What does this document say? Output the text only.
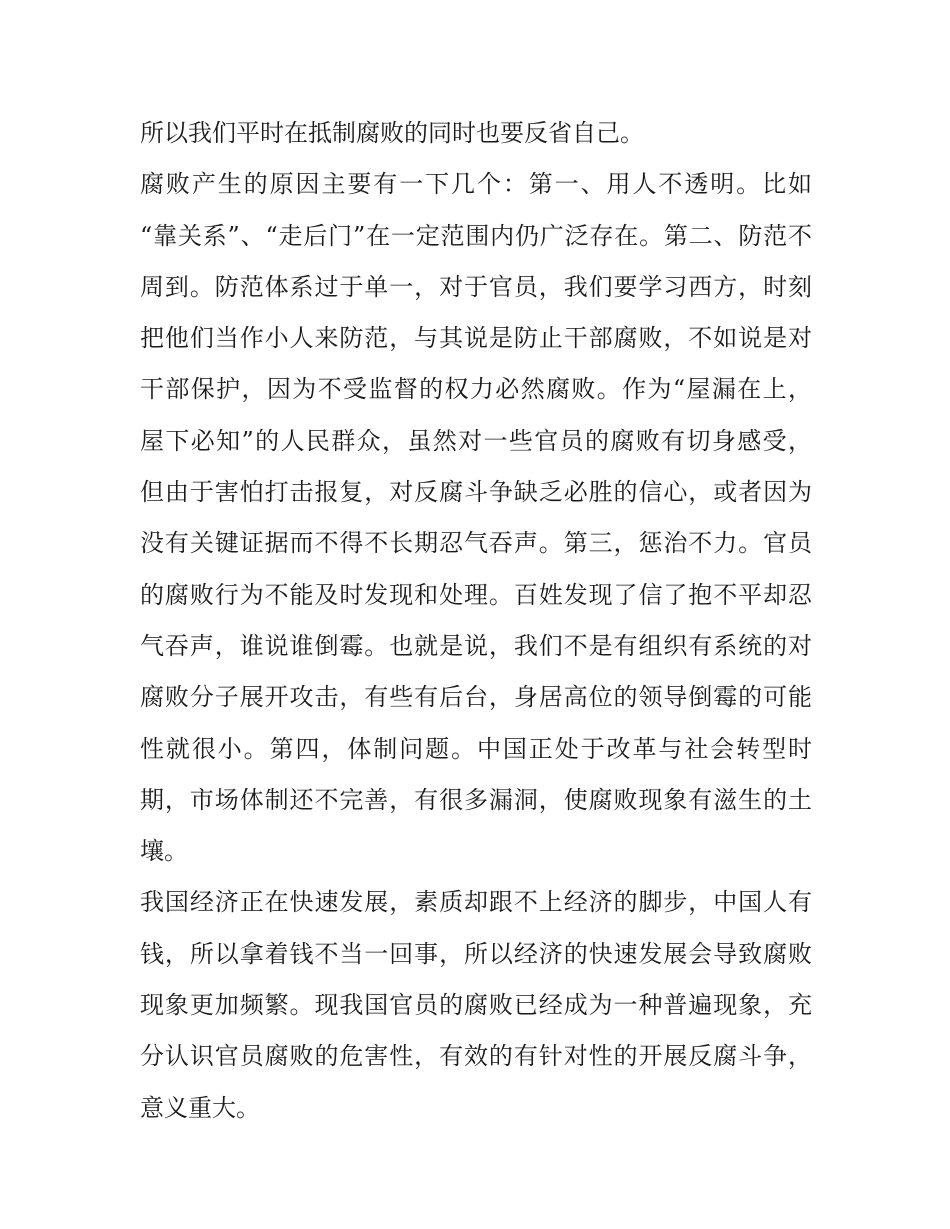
所以我们平时在抵制腐败的同时也要反省自己。
腐败产生的原因主要有一下几个：第一、用人不透明。比如
“靠关系”、“走后门”在一定范围内仍广泛存在。第二、防范不
周到。防范体系过于单一，对于官员，我们要学习西方，时刻
把他们当作小人来防范，与其说是防止干部腐败，不如说是对
干部保护，因为不受监督的权力必然腐败。作为“屋漏在上，
屋下必知”的人民群众，虽然对一些官员的腐败有切身感受，
但由于害怕打击报复，对反腐斗争缺乏必胜的信心，或者因为
没有关键证据而不得不长期忍气吞声。第三，惩治不力。官员
的腐败行为不能及时发现和处理。百姓发现了信了抱不平却忍
气吞声，谁说谁倒霉。也就是说，我们不是有组织有系统的对
腐败分子展开攻击，有些有后台，身居高位的领导倒霉的可能
性就很小。第四，体制问题。中国正处于改革与社会转型时
期，市场体制还不完善，有很多漏洞，使腐败现象有滋生的土
壤。
我国经济正在快速发展，素质却跟不上经济的脚步，中国人有
钱，所以拿着钱不当一回事，所以经济的快速发展会导致腐败
现象更加频繁。现我国官员的腐败已经成为一种普遍现象，充
分认识官员腐败的危害性，有效的有针对性的开展反腐斗争，
意义重大。
